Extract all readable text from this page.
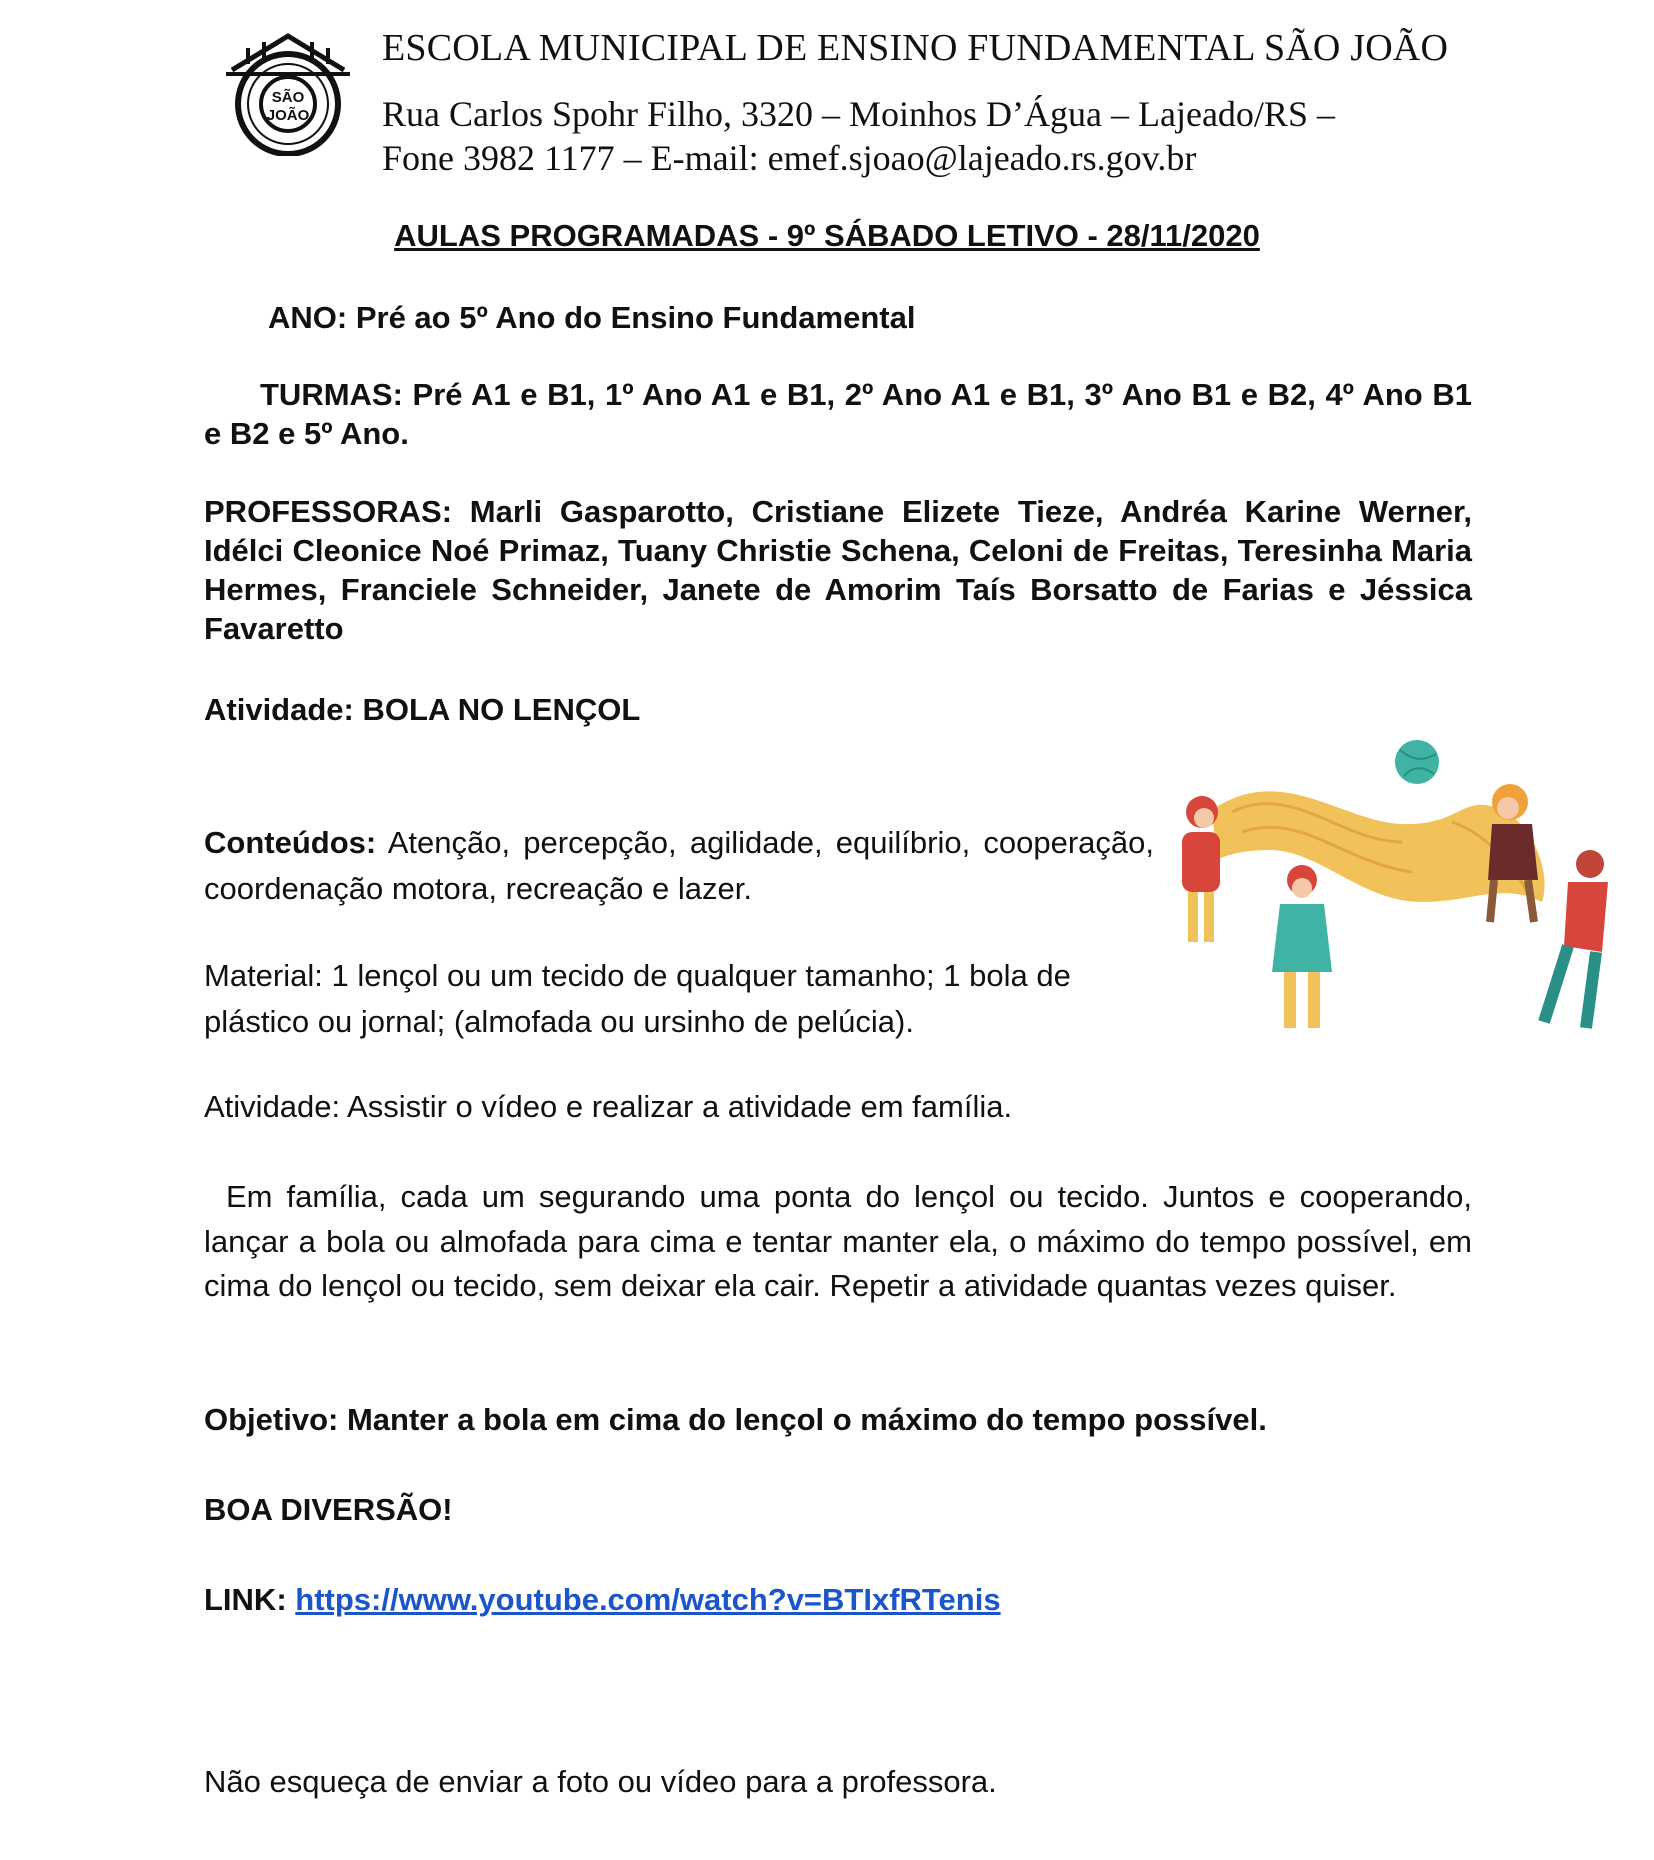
SÃO
JOÃO
ESCOLA MUNICIPAL DE ENSINO FUNDAMENTAL SÃO JOÃO
Rua Carlos Spohr Filho, 3320 – Moinhos D’Água – Lajeado/RS –
Fone 3982 1177 – E-mail: emef.sjoao@lajeado.rs.gov.br
AULAS PROGRAMADAS - 9º SÁBADO LETIVO - 28/11/2020
ANO: Pré ao 5º Ano do Ensino Fundamental
TURMAS: Pré A1 e B1, 1º Ano A1 e B1, 2º Ano A1 e B1, 3º Ano B1 e B2, 4º Ano B1 e B2 e 5º Ano.
PROFESSORAS: Marli Gasparotto, Cristiane Elizete Tieze, Andréa Karine Werner, Idélci Cleonice Noé Primaz, Tuany Christie Schena, Celoni de Freitas, Teresinha Maria Hermes, Franciele Schneider, Janete de Amorim Taís Borsatto de Farias e Jéssica Favaretto
Atividade: BOLA NO LENÇOL
Conteúdos: Atenção, percepção, agilidade, equilíbrio, cooperação, coordenação motora, recreação e lazer.
Material: 1 lençol ou um tecido de qualquer tamanho; 1 bola de plástico ou jornal; (almofada ou ursinho de pelúcia).
Atividade: Assistir o vídeo e realizar a atividade em família.
Em família, cada um segurando uma ponta do lençol ou tecido. Juntos e cooperando, lançar a bola ou almofada para cima e tentar manter ela, o máximo do tempo possível, em cima do lençol ou tecido, sem deixar ela cair. Repetir a atividade quantas vezes quiser.
Objetivo: Manter a bola em cima do lençol o máximo do tempo possível.
BOA DIVERSÃO!
LINK: https://www.youtube.com/watch?v=BTIxfRTenis
Não esqueça de enviar a foto ou vídeo para a professora.
